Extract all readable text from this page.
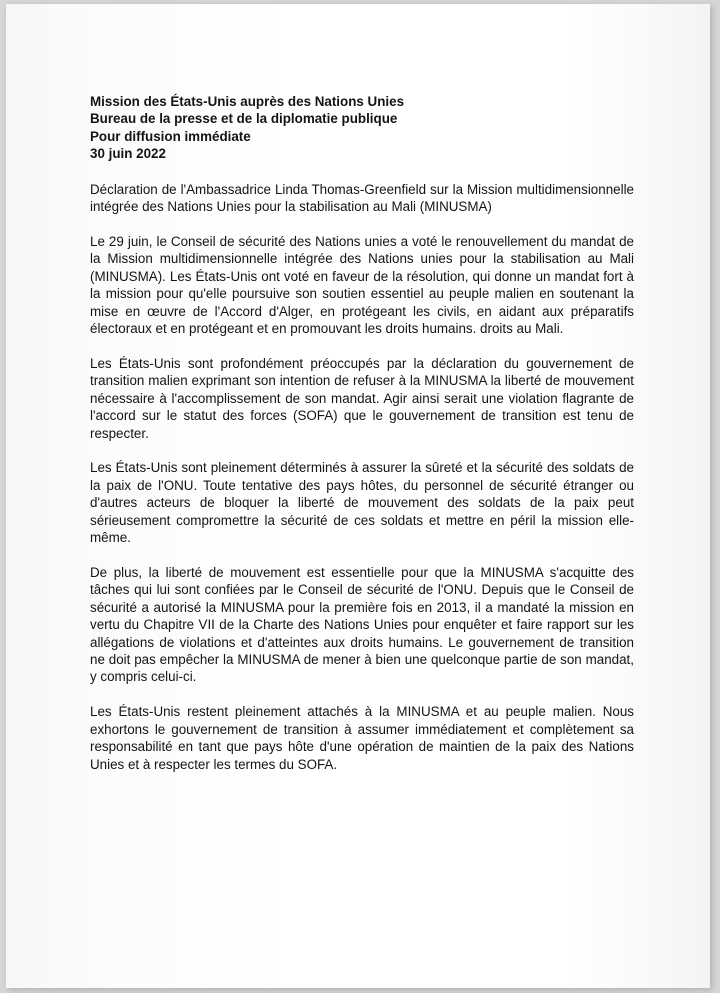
Mission des États-Unis auprès des Nations Unies

Bureau de la presse et de la diplomatie publique

Pour diffusion immédiate

30 juin 2022

Déclaration de l'Ambassadrice Linda Thomas-Greenfield sur la Mission multidimensionnelle intégrée des Nations Unies pour la stabilisation au Mali (MINUSMA)

Le 29 juin, le Conseil de sécurité des Nations unies a voté le renouvellement du mandat de la Mission multidimensionnelle intégrée des Nations unies pour la stabilisation au Mali (MINUSMA). Les États-Unis ont voté en faveur de la résolution, qui donne un mandat fort à la mission pour qu'elle poursuive son soutien essentiel au peuple malien en soutenant la mise en œuvre de l'Accord d'Alger, en protégeant les civils, en aidant aux préparatifs électoraux et en protégeant et en promouvant les droits humains. droits au Mali.

Les États-Unis sont profondément préoccupés par la déclaration du gouvernement de transition malien exprimant son intention de refuser à la MINUSMA la liberté de mouvement nécessaire à l'accomplissement de son mandat. Agir ainsi serait une violation flagrante de l'accord sur le statut des forces (SOFA) que le gouvernement de transition est tenu de respecter.

Les États-Unis sont pleinement déterminés à assurer la sûreté et la sécurité des soldats de la paix de l'ONU. Toute tentative des pays hôtes, du personnel de sécurité étranger ou d'autres acteurs de bloquer la liberté de mouvement des soldats de la paix peut sérieusement compromettre la sécurité de ces soldats et mettre en péril la mission elle-même.

De plus, la liberté de mouvement est essentielle pour que la MINUSMA s'acquitte des tâches qui lui sont confiées par le Conseil de sécurité de l'ONU. Depuis que le Conseil de sécurité a autorisé la MINUSMA pour la première fois en 2013, il a mandaté la mission en vertu du Chapitre VII de la Charte des Nations Unies pour enquêter et faire rapport sur les allégations de violations et d'atteintes aux droits humains. Le gouvernement de transition ne doit pas empêcher la MINUSMA de mener à bien une quelconque partie de son mandat, y compris celui-ci.

Les États-Unis restent pleinement attachés à la MINUSMA et au peuple malien. Nous exhortons le gouvernement de transition à assumer immédiatement et complètement sa responsabilité en tant que pays hôte d'une opération de maintien de la paix des Nations Unies et à respecter les termes du SOFA.
